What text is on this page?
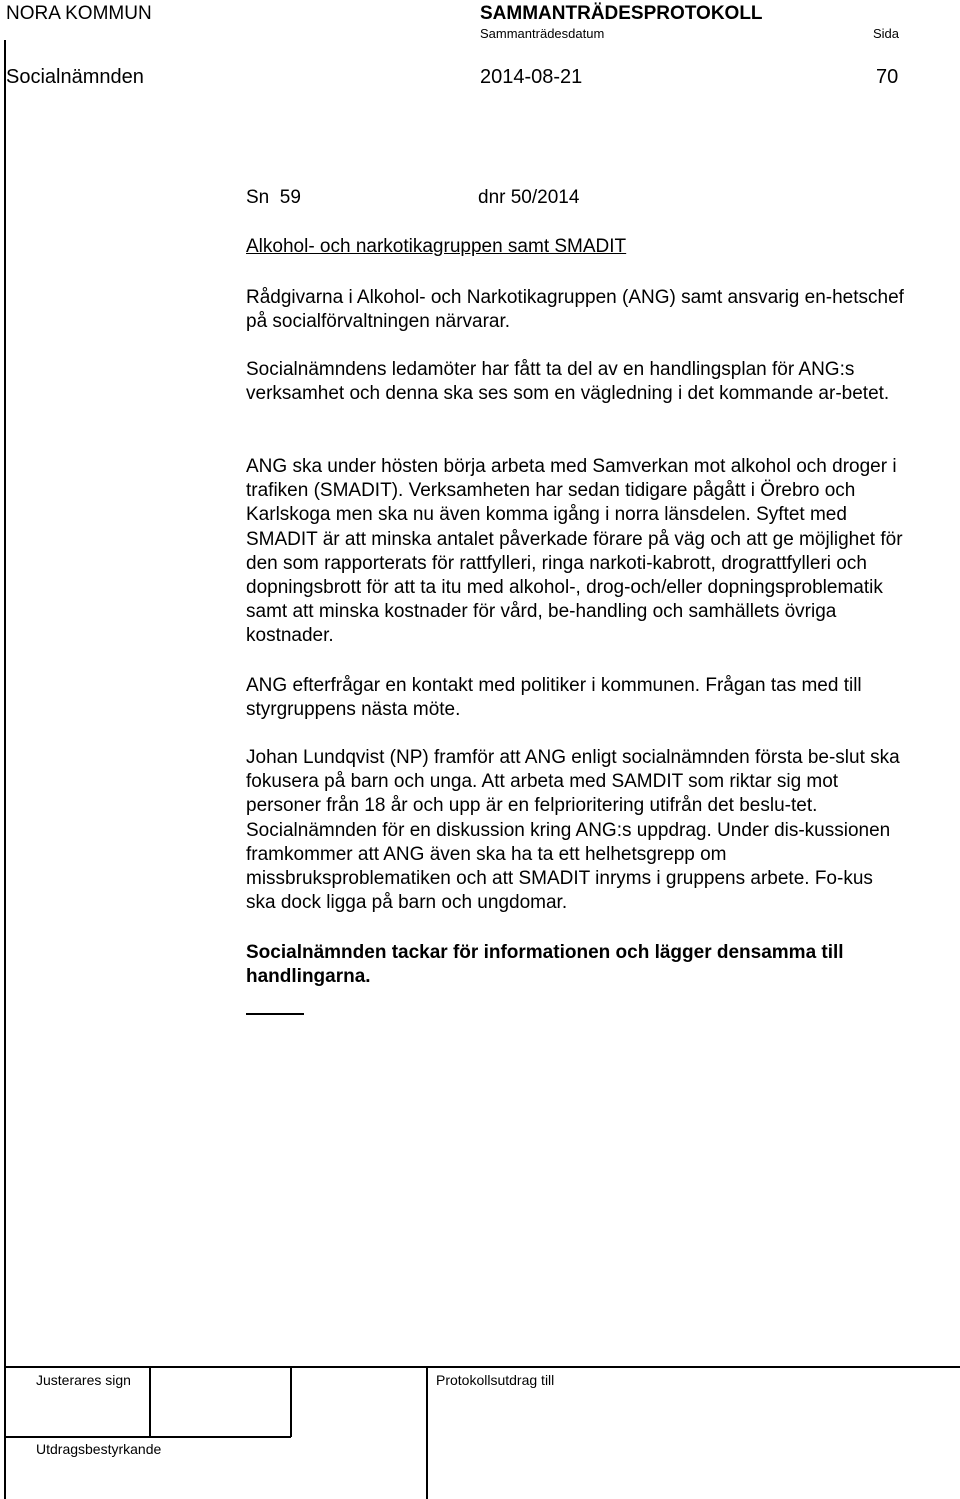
NORA KOMMUN	SAMMANTRÄDESPROTOKOLL
Sammanträdesdatum	Sida
Socialnämnden	2014-08-21	70
Sn  59	dnr 50/2014
Alkohol- och narkotikagruppen samt SMADIT

Rådgivarna i Alkohol- och Narkotikagruppen (ANG) samt ansvarig en-hetschef på socialförvaltningen närvarar.

Socialnämndens ledamöter har fått ta del av en handlingsplan för ANG:s verksamhet och denna ska ses som en vägledning i det kommande ar-betet.

ANG ska under hösten börja arbeta med Samverkan mot alkohol och droger i trafiken (SMADIT). Verksamheten har sedan tidigare pågått i Örebro och Karlskoga men ska nu även komma igång i norra länsdelen. Syftet med SMADIT är att minska antalet påverkade förare på väg och att ge möjlighet för den som rapporterats för rattfylleri, ringa narkoti-kabrott, drograttfylleri och dopningsbrott för att ta itu med alkohol-, drog-och/eller dopningsproblematik samt att minska kostnader för vård, be-handling och samhällets övriga kostnader.

ANG efterfrågar en kontakt med politiker i kommunen. Frågan tas med till styrgruppens nästa möte.

Johan Lundqvist (NP) framför att ANG enligt socialnämnden första be-slut ska fokusera på barn och unga. Att arbeta med SAMDIT som riktar sig mot personer från 18 år och upp är en felprioritering utifrån det beslu-tet. Socialnämnden för en diskussion kring ANG:s uppdrag. Under dis-kussionen framkommer att ANG även ska ha ta ett helhetsgrepp om missbruksproblematiken och att SMADIT inryms i gruppens arbete. Fo-kus ska dock ligga på barn och ungdomar.

Socialnämnden tackar för informationen och lägger densamma till handlingarna.

Justerares sign	Protokollsutdrag till
Utdragsbestyrkande
